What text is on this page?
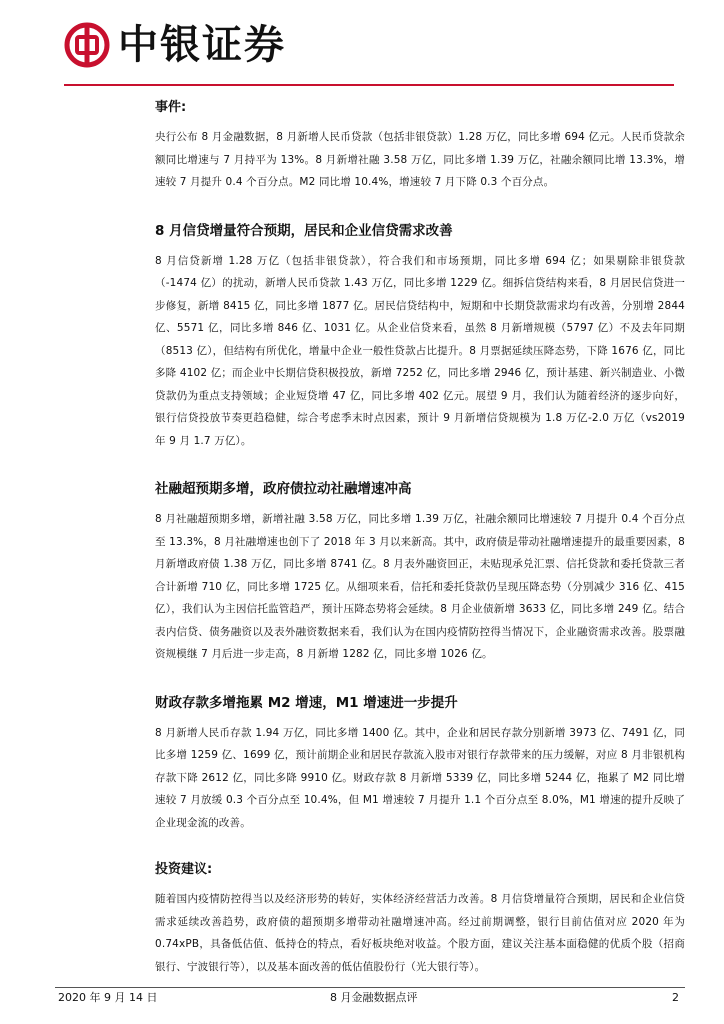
中银证券

事件:

央行公布 8 月金融数据，8 月新增人民币贷款（包括非银贷款）1.28 万亿，同比多增 694 亿元。人民币贷款余额同比增速与 7 月持平为 13%。8 月新增社融 3.58 万亿，同比多增 1.39 万亿，社融余额同比增 13.3%，增速较 7 月提升 0.4 个百分点。M2 同比增 10.4%，增速较 7 月下降 0.3 个百分点。

8 月信贷增量符合预期，居民和企业信贷需求改善

8 月信贷新增 1.28 万亿（包括非银贷款），符合我们和市场预期，同比多增 694 亿；如果剔除非银贷款（-1474 亿）的扰动，新增人民币贷款 1.43 万亿，同比多增 1229 亿。细拆信贷结构来看，8 月居民信贷进一步修复，新增 8415 亿，同比多增 1877 亿。居民信贷结构中，短期和中长期贷款需求均有改善，分别增 2844 亿、5571 亿，同比多增 846 亿、1031 亿。从企业信贷来看，虽然 8 月新增规模（5797 亿）不及去年同期（8513 亿），但结构有所优化，增量中企业一般性贷款占比提升。8 月票据延续压降态势，下降 1676 亿，同比多降 4102 亿；而企业中长期信贷积极投放，新增 7252 亿，同比多增 2946 亿，预计基建、新兴制造业、小微贷款仍为重点支持领域；企业短贷增 47 亿，同比多增 402 亿元。展望 9 月，我们认为随着经济的逐步向好，银行信贷投放节奏更趋稳健，综合考虑季末时点因素，预计 9 月新增信贷规模为 1.8 万亿-2.0 万亿（vs2019 年 9 月 1.7 万亿）。

社融超预期多增，政府债拉动社融增速冲高

8 月社融超预期多增，新增社融 3.58 万亿，同比多增 1.39 万亿，社融余额同比增速较 7 月提升 0.4 个百分点至 13.3%，8 月社融增速也创下了 2018 年 3 月以来新高。其中，政府债是带动社融增速提升的最重要因素，8 月新增政府债 1.38 万亿，同比多增 8741 亿。8 月表外融资回正，未贴现承兑汇票、信托贷款和委托贷款三者合计新增 710 亿，同比多增 1725 亿。从细项来看，信托和委托贷款仍呈现压降态势（分别减少 316 亿、415 亿），我们认为主因信托监管趋严，预计压降态势将会延续。8 月企业债新增 3633 亿，同比多增 249 亿。结合表内信贷、债务融资以及表外融资数据来看，我们认为在国内疫情防控得当情况下，企业融资需求改善。股票融资规模继 7 月后进一步走高，8 月新增 1282 亿，同比多增 1026 亿。

财政存款多增拖累 M2 增速，M1 增速进一步提升

8 月新增人民币存款 1.94 万亿，同比多增 1400 亿。其中，企业和居民存款分别新增 3973 亿、7491 亿，同比多增 1259 亿、1699 亿，预计前期企业和居民存款流入股市对银行存款带来的压力缓解，对应 8 月非银机构存款下降 2612 亿，同比多降 9910 亿。财政存款 8 月新增 5339 亿，同比多增 5244 亿，拖累了 M2 同比增速较 7 月放缓 0.3 个百分点至 10.4%，但 M1 增速较 7 月提升 1.1 个百分点至 8.0%，M1 增速的提升反映了企业现金流的改善。

投资建议:

随着国内疫情防控得当以及经济形势的转好，实体经济经营活力改善。8 月信贷增量符合预期，居民和企业信贷需求延续改善趋势，政府债的超预期多增带动社融增速冲高。经过前期调整，银行目前估值对应 2020 年为 0.74xPB，具备低估值、低持仓的特点，看好板块绝对收益。个股方面，建议关注基本面稳健的优质个股（招商银行、宁波银行等），以及基本面改善的低估值股份行（光大银行等）。

2020 年 9 月 14 日	8 月金融数据点评	2
